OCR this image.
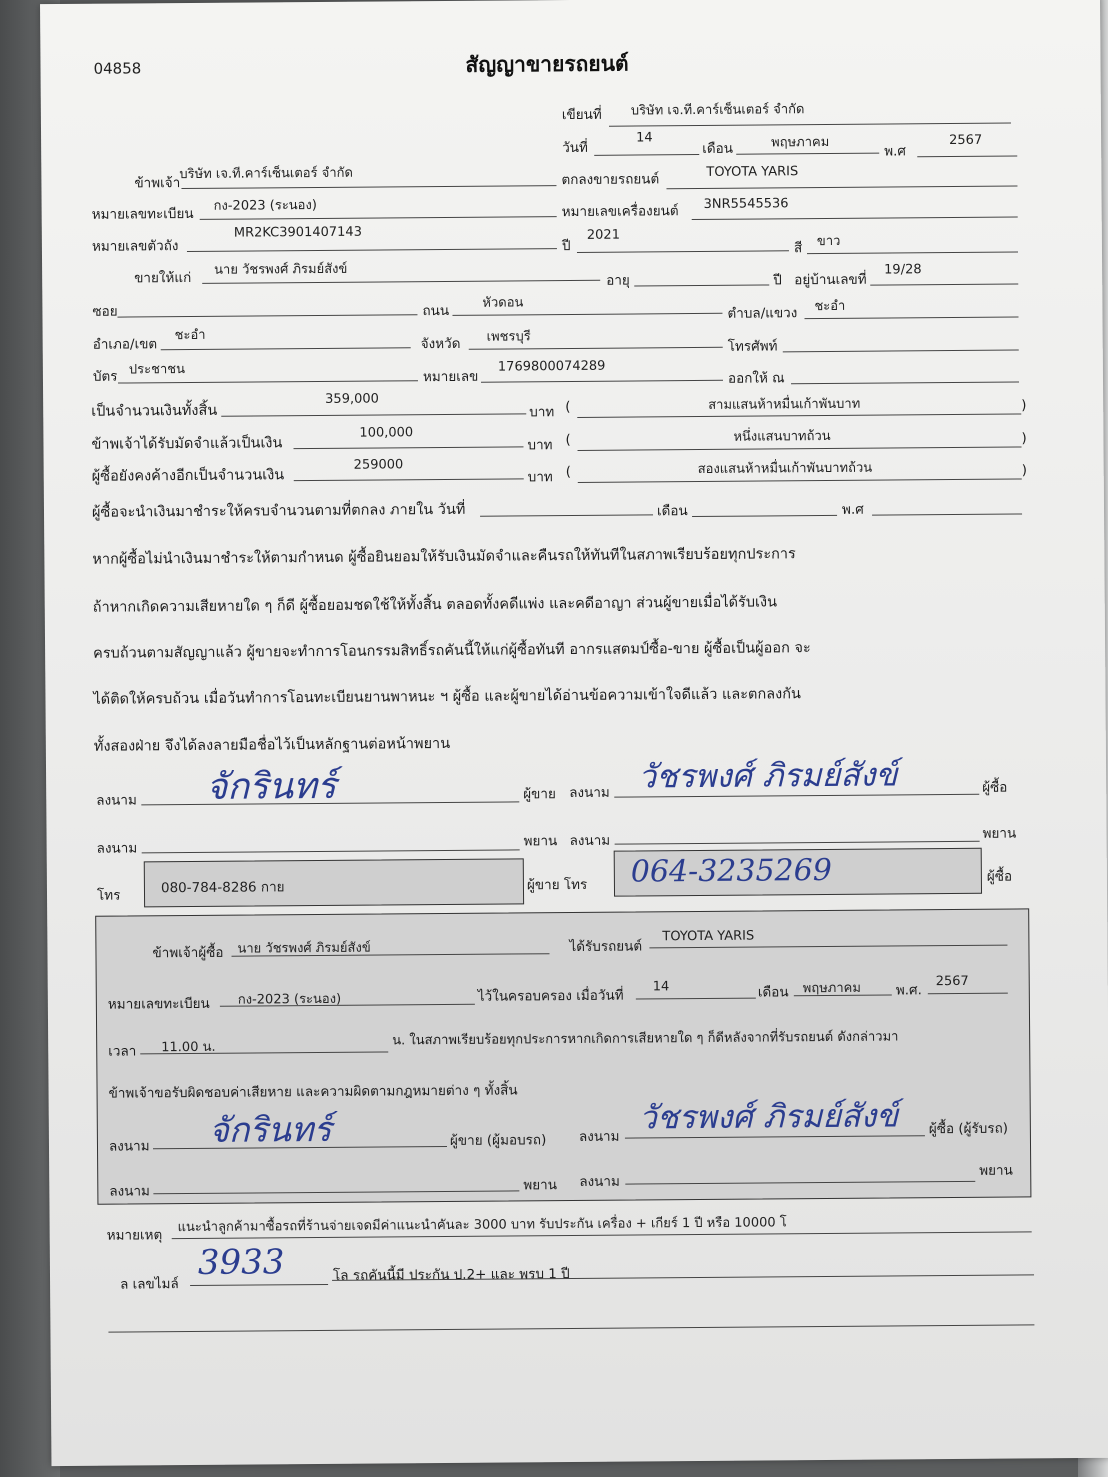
04858	สัญญาขายรถยนต์
เขียนที่ บริษัท เจ.ที.คาร์เซ็นเตอร์ จำกัด
วันที่
14
เดือน	พฤษภาคม
พ.ศ
2567
ข้าพเจ้า
บริษัท เจ.ที.คาร์เซ็นเตอร์ จำกัด	ตกลงขายรถยนต์	TOYOTA YARIS
หมายเลขทะเบียน
กง-2023 (ระนอง)	หมายเลขเครื่องยนต์ 3NR5545536
หมายเลขตัวถัง
MR2KC3901407143
ปี
2021
สี ขาว
ขายให้แก่
นาย วัชรพงศ์ ภิรมย์สังข์
อายุ	ปี อยู่บ้านเลขที่
19/28
ซอย	ถนน	หัวดอน
ตำบล/แขวง ชะอำ
อำเภอ/เขต
ชะอำ
จังหวัด เพชรบุรี
โทรศัพท์
บัตร ประชาชน	หมายเลข
1769800074289
ออกให้ ณ
เป็นจำนวนเงินทั้งสิ้น
359,000
บาท (	สามแสนห้าหมื่นเก้าพันบาท	)
ข้าพเจ้าได้รับมัดจำแล้วเป็นเงิน
100,000
บาท (	หนึ่งแสนบาทถ้วน	)
ผู้ซื้อยังคงค้างอีกเป็นจำนวนเงิน
259000
บาท (	สองแสนห้าหมื่นเก้าพันบาทถ้วน	)
ผู้ซื้อจะนำเงินมาชำระให้ครบจำนวนตามที่ตกลง ภายใน วันที่	เดือน	พ.ศ
หากผู้ซื้อไม่นำเงินมาชำระให้ตามกำหนด ผู้ซื้อยินยอมให้รับเงินมัดจำและคืนรถให้ทันทีในสภาพเรียบร้อยทุกประการ
ถ้าหากเกิดความเสียหายใด ๆ ก็ดี ผู้ซื้อยอมชดใช้ให้ทั้งสิ้น ตลอดทั้งคดีแพ่ง และคดีอาญา ส่วนผู้ขายเมื่อได้รับเงิน
ครบถ้วนตามสัญญาแล้ว ผู้ขายจะทำการโอนกรรมสิทธิ์รถคันนี้ให้แก่ผู้ซื้อทันที อากรแสตมป์ซื้อ-ขาย ผู้ซื้อเป็นผู้ออก จะ
ได้ติดให้ครบถ้วน เมื่อวันทำการโอนทะเบียนยานพาหนะ ฯ ผู้ซื้อ และผู้ขายได้อ่านข้อความเข้าใจดีแล้ว และตกลงกัน
ทั้งสองฝ่าย จึงได้ลงลายมือชื่อไว้เป็นหลักฐานต่อหน้าพยาน
ลงนาม จักรินทร์	ผู้ขาย ลงนาม วัชรพงศ์ ภิรมย์สังข์	ผู้ซื้อ
ลงนาม	พยาน ลงนาม	พยาน
โทร	080-784-8286 กาย	ผู้ขาย โทร 064-3235269	ผู้ซื้อ
ข้าพเจ้าผู้ซื้อ นาย วัชรพงศ์ ภิรมย์สังข์	ได้รับรถยนต์
TOYOTA YARIS
หมายเลขทะเบียน กง-2023 (ระนอง)	ไว้ในครอบครอง เมื่อวันที่
14	เดือน พฤษภาคม	พ.ศ.
2567
เวลา 11.00 น.	น. ในสภาพเรียบร้อยทุกประการหากเกิดการเสียหายใด ๆ ก็ดีหลังจากที่รับรถยนต์ ดังกล่าวมา
ข้าพเจ้าขอรับผิดชอบค่าเสียหาย และความผิดตามกฎหมายต่าง ๆ ทั้งสิ้น
ลงนาม จักรินทร์	ผู้ขาย (ผู้มอบรถ) ลงนาม
วัชรพงศ์ ภิรมย์สังข์ ผู้ซื้อ (ผู้รับรถ)
ลงนาม	พยาน ลงนาม
พยาน
หมายเหตุ
แนะนำลูกค้ามาซื้อรถที่ร้านจ่ายเจดมีค่าแนะนำคันละ 3000 บาท รับประกัน เครื่อง + เกียร์ 1 ปี หรือ 10000 โ
ล เลขไมล์
3933	โล รถคันนี้มี ประกัน ป.2+ และ พรบ 1 ปี
